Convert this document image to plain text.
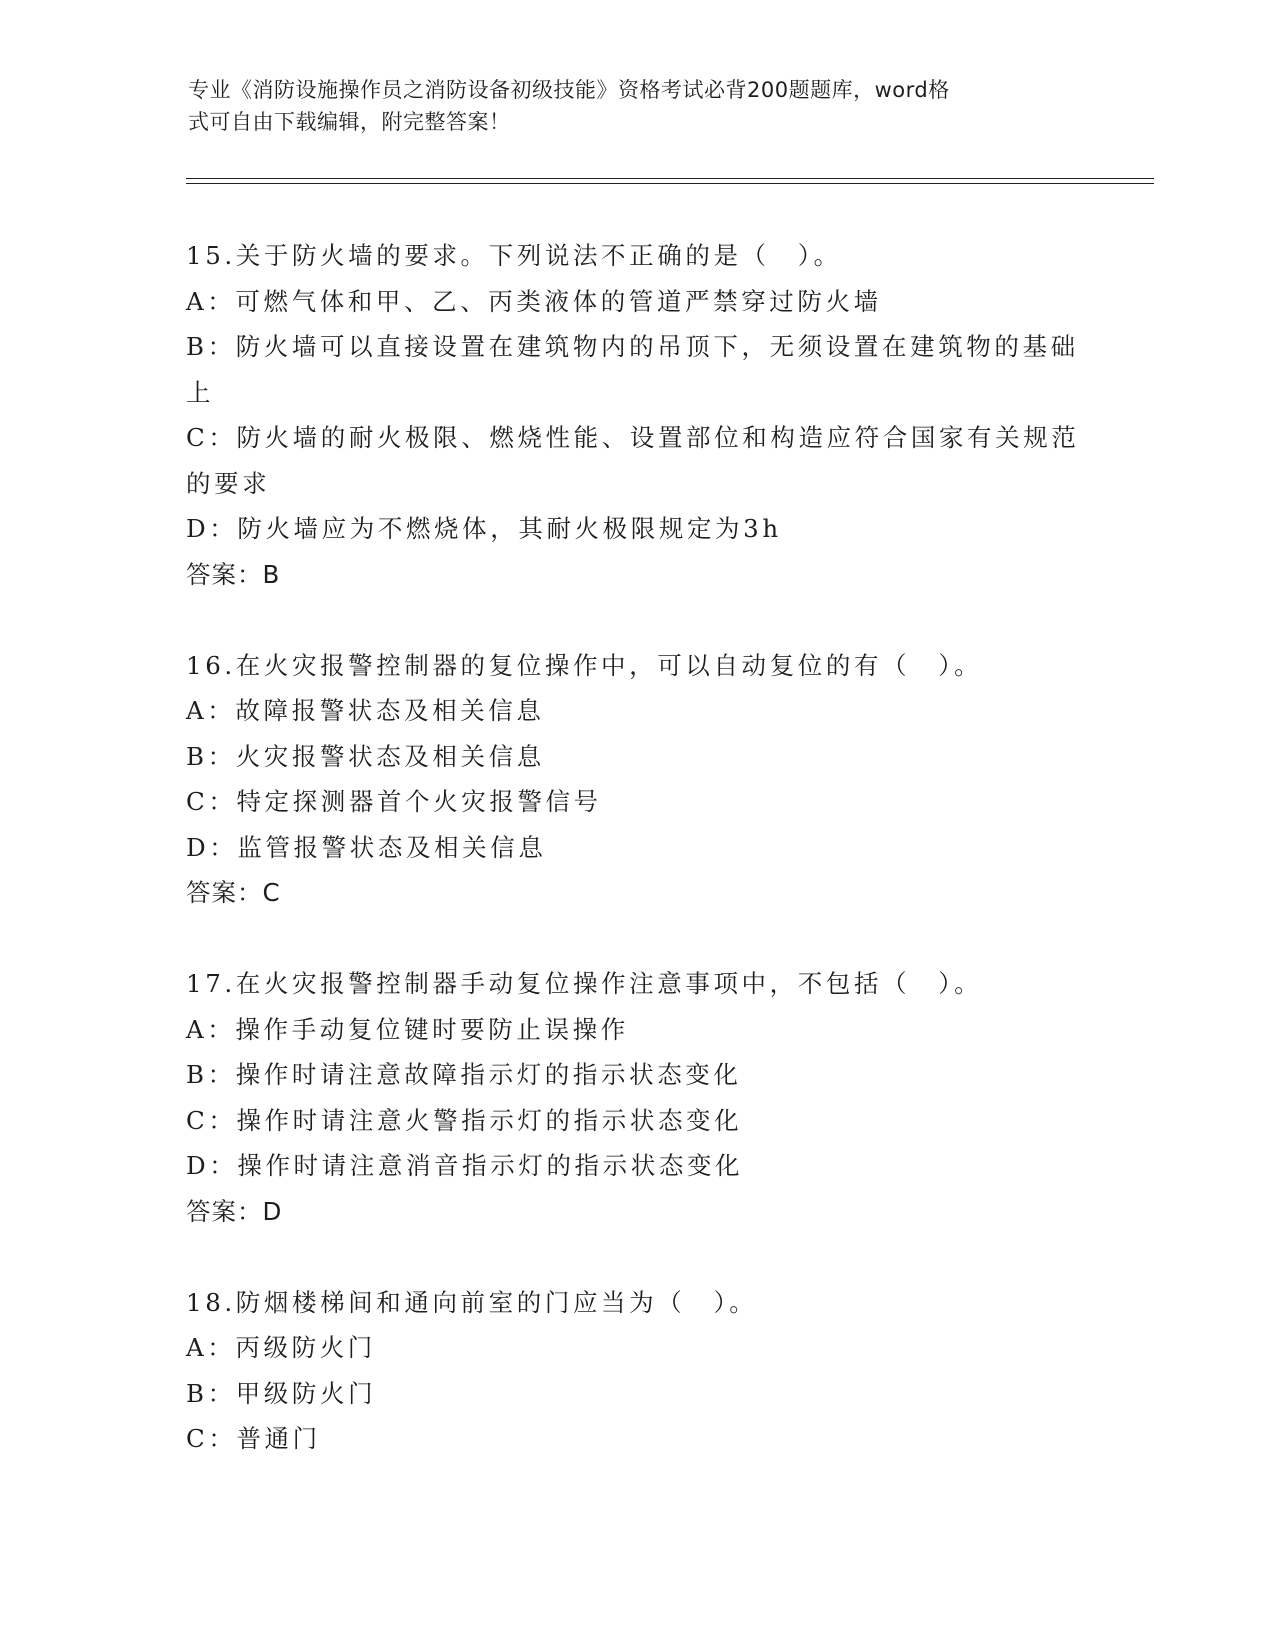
专业《消防设施操作员之消防设备初级技能》资格考试必背200题题库，word格
式可自由下载编辑，附完整答案！
15.关于防火墙的要求。下列说法不正确的是（　）。
A：可燃气体和甲、乙、丙类液体的管道严禁穿过防火墙
B：防火墙可以直接设置在建筑物内的吊顶下，无须设置在建筑物的基础上
C：防火墙的耐火极限、燃烧性能、设置部位和构造应符合国家有关规范的要求
D：防火墙应为不燃烧体，其耐火极限规定为3h
答案：B
16.在火灾报警控制器的复位操作中，可以自动复位的有（　）。
A：故障报警状态及相关信息
B：火灾报警状态及相关信息
C：特定探测器首个火灾报警信号
D：监管报警状态及相关信息
答案：C
17.在火灾报警控制器手动复位操作注意事项中，不包括（　）。
A：操作手动复位键时要防止误操作
B：操作时请注意故障指示灯的指示状态变化
C：操作时请注意火警指示灯的指示状态变化
D：操作时请注意消音指示灯的指示状态变化
答案：D
18.防烟楼梯间和通向前室的门应当为（　）。
A：丙级防火门
B：甲级防火门
C：普通门
